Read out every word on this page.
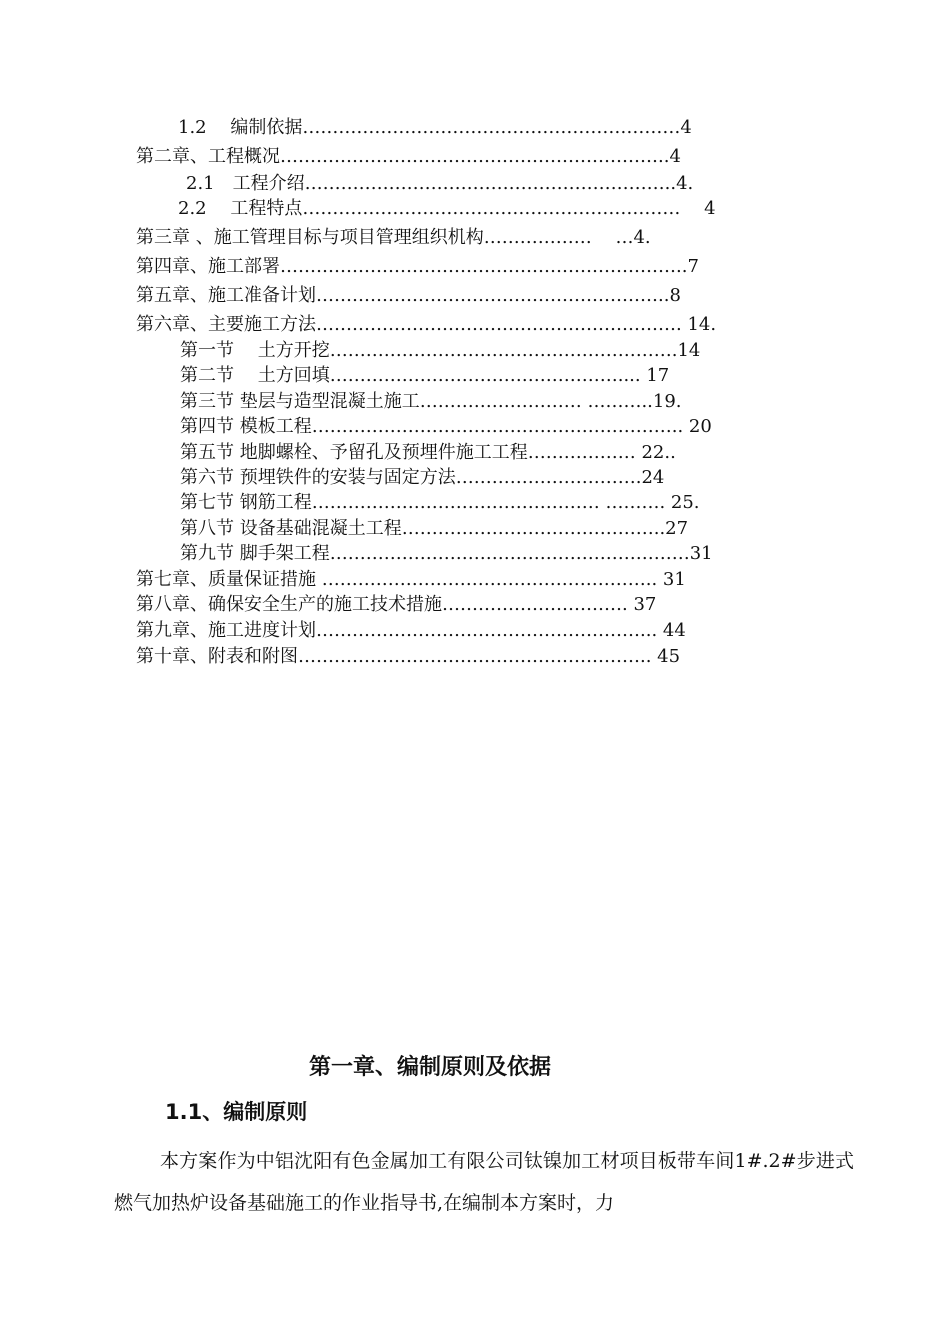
1.2　 编制依据………………………………………………………4
第二章、工程概况………………………………………………………..4
2.1　工程介绍……………………………………………………..4.
2.2　 工程特点………………………………………………………　 4
第三章 、施工管理目标与项目管理组织机构……………… 　…4.
第四章、施工部署…………………………………………………………..7
第五章、施工准备计划…………………………………………………..8
第六章、主要施工方法……………………………………………………. 14.
第一节　 土方开挖………………………………………………….14
第二节　 土方回填………………………………………….... 17
第三节 垫层与造型混凝土施工……………………… ………..19.
第四节 模板工程…………………………………………………….. 20
第五节 地脚螺栓、予留孔及预埋件施工工程……………… 22..
第六节 预埋铁件的安装与固定方法………………………….24
第七节 钢筋工程………………………………………… ………. 25.
第八节 设备基础混凝土工程……………………………………..27
第九节 脚手架工程……………………………………………………31
第七章、质量保证措施 ……………………………………………….. 31
第八章、确保安全生产的施工技术措施…………………………. 37
第九章、施工进度计划………………………………………………... 44
第十章、附表和附图………………………………………………….. 45
第一章、编制原则及依据
1.1、编制原则
本方案作为中铝沈阳有色金属加工有限公司钛镍加工材项目板带车间1#.2#步进式燃气加热炉设备基础施工的作业指导书,在编制本方案时，力
